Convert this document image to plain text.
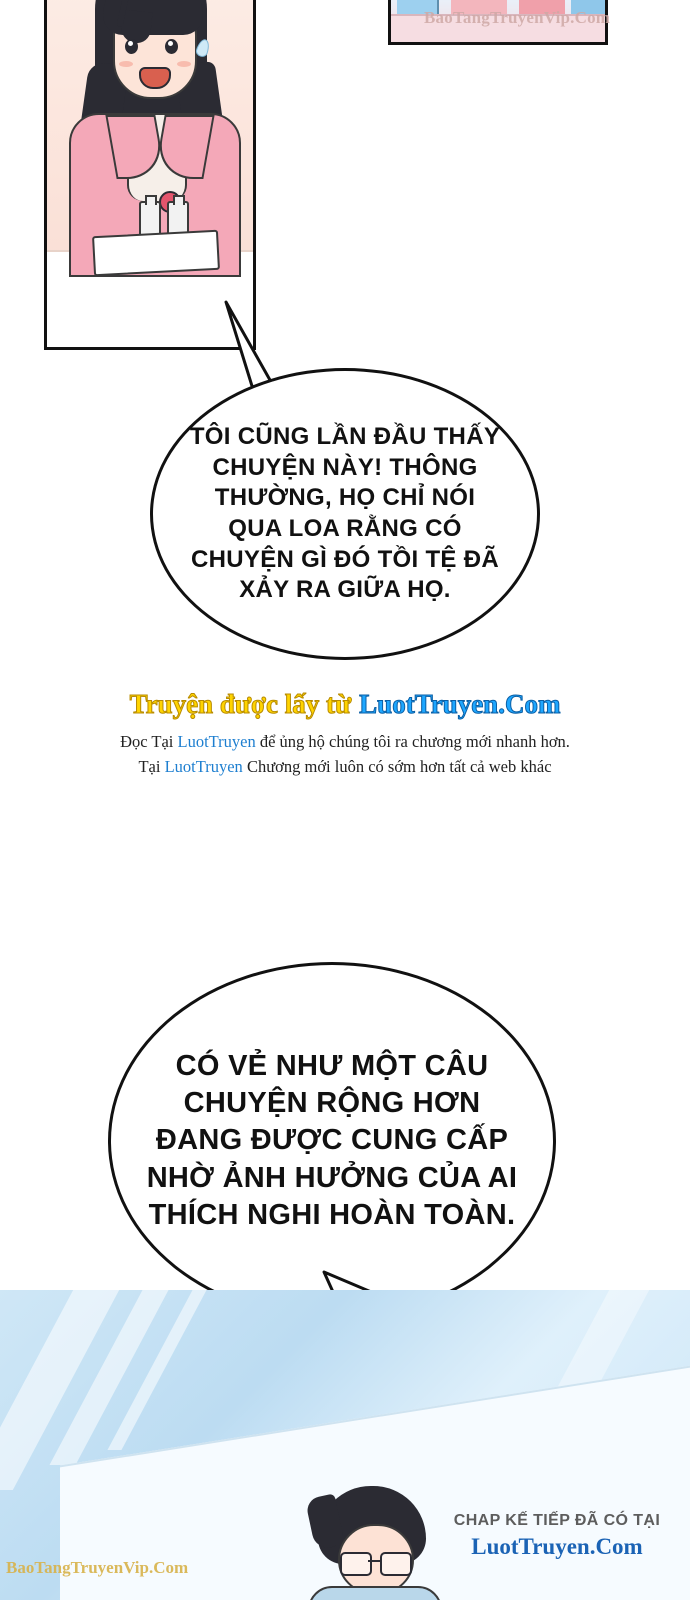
BaoTangTruyenVip.Com

TÔI CŨNG LẦN ĐẦU THẤY CHUYỆN NÀY! THÔNG THƯỜNG, HỌ CHỈ NÓI QUA LOA RẰNG CÓ CHUYỆN GÌ ĐÓ TỒI TỆ ĐÃ XẢY RA GIỮA HỌ.

Truyện được lấy từ LuotTruyen.Com
Đọc Tại LuotTruyen để ủng hộ chúng tôi ra chương mới nhanh hơn.
Tại LuotTruyen Chương mới luôn có sớm hơn tất cả web khác

CÓ VẺ NHƯ MỘT CÂU CHUYỆN RỘNG HƠN ĐANG ĐƯỢC CUNG CẤP NHỜ ẢNH HƯỞNG CỦA AI THÍCH NGHI HOÀN TOÀN.

BaoTangTruyenVip.Com
CHAP KẾ TIẾP ĐÃ CÓ TẠI
LuotTruyen.Com
